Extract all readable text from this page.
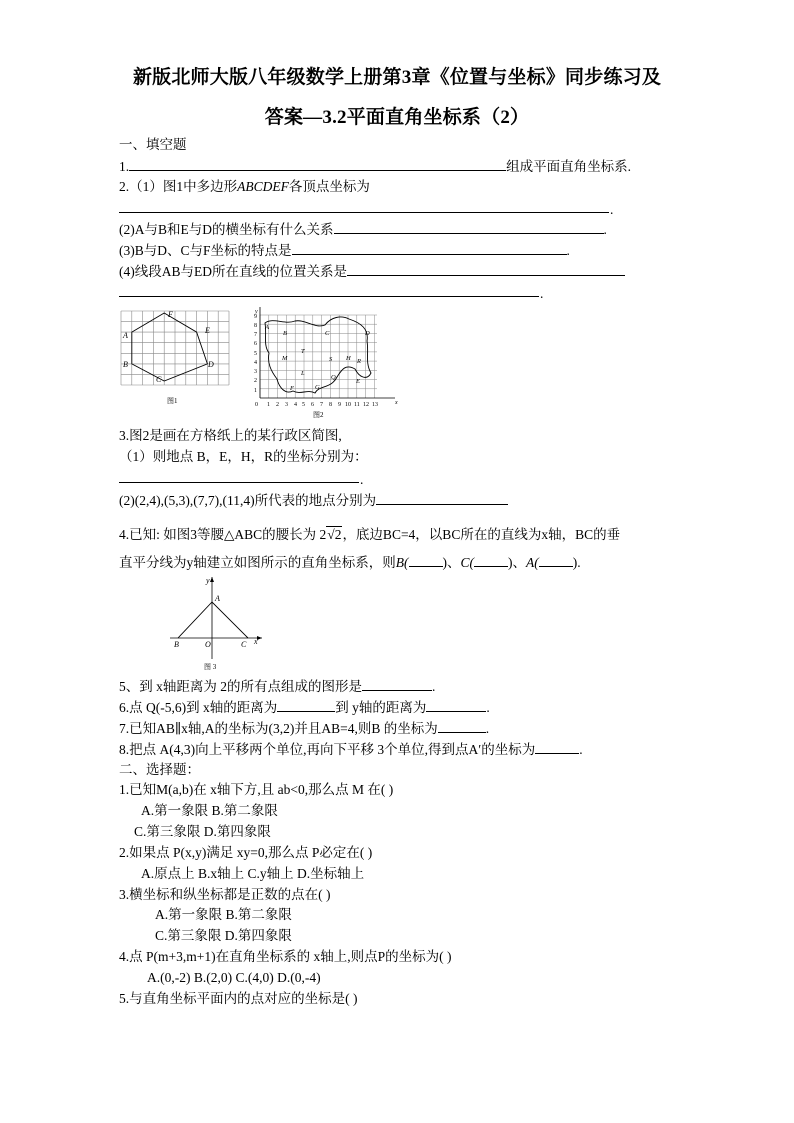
新版北师大版八年级数学上册第3章《位置与坐标》同步练习及
答案—3.2平面直角坐标系（2）
一、填空题
1.	组成平面直角坐标系.
2.（1）图1中多边形ABCDEF各顶点坐标为
.
(2)A与B和E与D的横坐标有什么关系	.
(3)B与D、C与F坐标的特点是	.
(4)线段AB与ED所在直线的位置关系是
.
F
A
E
B	D
C
图1
A
B	C	D
M
T
S H R
E
L
Q
G
F
y
x
9
8
7
6
5
4
3
2
1
0 1 2 3 4 5 6 7 8 9 10 11 12 13
图2
3.图2是画在方格纸上的某行政区简图,
（1）则地点 B，E，H，R的坐标分别为：
.
(2)(2,4),(5,3),(7,7),(11,4)所代表的地点分别为
4.已知: 如图3等腰△ABC的腰长为 2√2，底边BC=4，以BC所在的直线为x轴，BC的垂
直平分线为y轴建立如图所示的直角坐标系，则B(	)、C(	)、A(	).
y
x
A
B	O	C
图 3
5、到 x轴距离为 2的所有点组成的图形是	.
6.点 Q(-5,6)到 x轴的距离为	到 y轴的距离为	.
7.已知AB∥x轴,A的坐标为(3,2)并且AB=4,则B 的坐标为	.
8.把点 A(4,3)向上平移两个单位,再向下平移 3个单位,得到点A′的坐标为	.
二、选择题：
1.已知M(a,b)在 x轴下方,且 ab<0,那么点 M 在( )
A.第一象限 B.第二象限
C.第三象限 D.第四象限
2.如果点 P(x,y)满足 xy=0,那么点 P必定在( )
A.原点上 B.x轴上 C.y轴上 D.坐标轴上
3.横坐标和纵坐标都是正数的点在( )
A.第一象限 B.第二象限
C.第三象限 D.第四象限
4.点 P(m+3,m+1)在直角坐标系的 x轴上,则点P的坐标为( )
A.(0,-2) B.(2,0) C.(4,0) D.(0,-4)
5.与直角坐标平面内的点对应的坐标是( )
